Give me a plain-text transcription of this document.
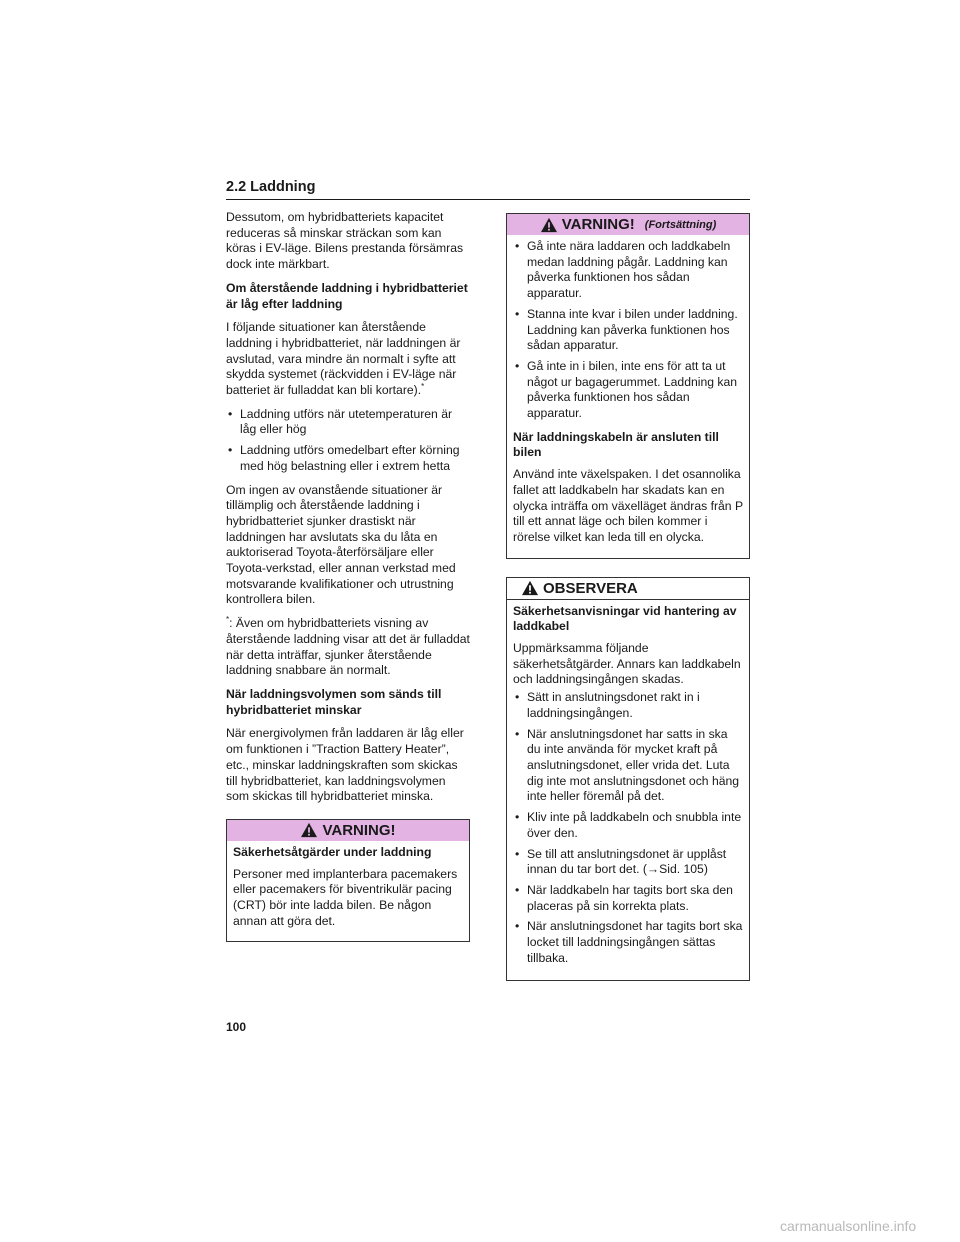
2.2 Laddning

Dessutom, om hybridbatteriets kapacitet reduceras så minskar sträckan som kan köras i EV-läge. Bilens prestanda försämras dock inte märkbart.

Om återstående laddning i hybridbatteriet är låg efter laddning

I följande situationer kan återstående laddning i hybridbatteriet, när laddningen är avslutad, vara mindre än normalt i syfte att skydda systemet (räckvidden i EV-läge när batteriet är fulladdat kan bli kortare).*

• Laddning utförs när utetemperaturen är låg eller hög
• Laddning utförs omedelbart efter körning med hög belastning eller i extrem hetta

Om ingen av ovanstående situationer är tillämplig och återstående laddning i hybridbatteriet sjunker drastiskt när laddningen har avslutats ska du låta en auktoriserad Toyota-återförsäljare eller Toyota-verkstad, eller annan verkstad med motsvarande kvalifikationer och utrustning kontrollera bilen.

*: Även om hybridbatteriets visning av återstående laddning visar att det är fulladdat när detta inträffar, sjunker återstående laddning snabbare än normalt.

När laddningsvolymen som sänds till hybridbatteriet minskar

När energivolymen från laddaren är låg eller om funktionen i ”Traction Battery Heater”, etc., minskar laddningskraften som skickas till hybridbatteriet, kan laddningsvolymen som skickas till hybridbatteriet minska.

VARNING!

Säkerhetsåtgärder under laddning

Personer med implanterbara pacemakers eller pacemakers för biventrikulär pacing (CRT) bör inte ladda bilen. Be någon annan att göra det.

VARNING! (Fortsättning)
• Gå inte nära laddaren och laddkabeln medan laddning pågår. Laddning kan påverka funktionen hos sådan apparatur.
• Stanna inte kvar i bilen under laddning. Laddning kan påverka funktionen hos sådan apparatur.
• Gå inte in i bilen, inte ens för att ta ut något ur bagagerummet. Laddning kan påverka funktionen hos sådan apparatur.

När laddningskabeln är ansluten till bilen

Använd inte växelspaken. I det osannolika fallet att laddkabeln har skadats kan en olycka inträffa om växelläget ändras från P till ett annat läge och bilen kommer i rörelse vilket kan leda till en olycka.

OBSERVERA

Säkerhetsanvisningar vid hantering av laddkabel

Uppmärksamma följande säkerhetsåtgärder. Annars kan laddkabeln och laddningsingången skadas.

• Sätt in anslutningsdonet rakt in i laddningsingången.
• När anslutningsdonet har satts in ska du inte använda för mycket kraft på anslutningsdonet, eller vrida det. Luta dig inte mot anslutningsdonet och häng inte heller föremål på det.
• Kliv inte på laddkabeln och snubbla inte över den.
• Se till att anslutningsdonet är upplåst innan du tar bort det. (→Sid. 105)
• När laddkabeln har tagits bort ska den placeras på sin korrekta plats.
• När anslutningsdonet har tagits bort ska locket till laddningsingången sättas tillbaka.
100
carmanualsonline.info
